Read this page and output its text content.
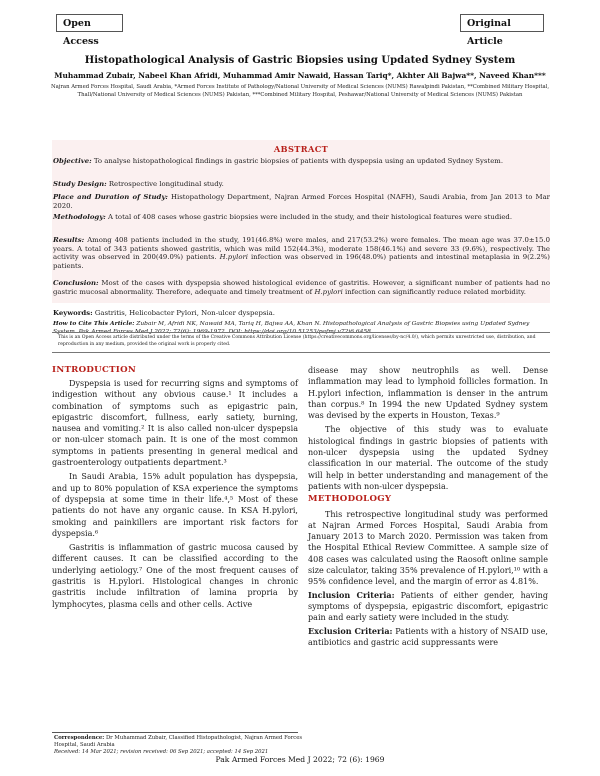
Open Access
Original Article
Histopathological Analysis of Gastric Biopsies using Updated Sydney System
Muhammad Zubair, Nabeel Khan Afridi, Muhammad Amir Nawaid, Hassan Tariq*, Akhter Ali Bajwa**, Naveed Khan***
Najran Armed Forces Hospital, Saudi Arabia, *Armed Forces Institute of Pathology/National University of Medical Sciences (NUMS) Rawalpindi Pakistan, **Combined Military Hospital, Thall/National University of Medical Sciences (NUMS) Pakistan, ***Combined Military Hospital, Peshawar/National University of Medical Sciences (NUMS) Pakistan
ABSTRACT
Objective: To analyse histopathological findings in gastric biopsies of patients with dyspepsia using an updated Sydney System.
Study Design: Retrospective longitudinal study.
Place and Duration of Study: Histopathology Department, Najran Armed Forces Hospital (NAFH), Saudi Arabia, from Jan 2013 to Mar 2020.
Methodology: A total of 408 cases whose gastric biopsies were included in the study, and their histological features were studied.
Results: Among 408 patients included in the study, 191(46.8%) were males, and 217(53.2%) were females. The mean age was 37.0±15.0 years. A total of 343 patients showed gastritis, which was mild 152(44.3%), moderate 158(46.1%) and severe 33 (9.6%), respectively. The activity was observed in 200(49.0%) patients. H.pylori infection was observed in 196(48.0%) patients and intestinal metaplasia in 9(2.2%) patients.
Conclusion: Most of the cases with dyspepsia showed histological evidence of gastritis. However, a significant number of patients had no gastric mucosal abnormality. Therefore, adequate and timely treatment of H.pylori infection can significantly reduce related morbidity.
Keywords: Gastritis, Helicobacter Pylori, Non-ulcer dyspepsia.
How to Cite This Article: Zubair M, Afridi NK, Nawaid MA, Tariq H, Bajwa AA, Khan N. Histopathological Analysis of Gastric Biopsies using Updated Sydney System. Pak Armed Forces Med J 2022; 72(6): 1969-1972. DOI: https://doi.org/10.51253/pafmj.v72i6.6458
This is an Open Access article distributed under the terms of the Creative Commons Attribution License (https://creativecommons.org/licenses/by-nc/4.0/), which permits unrestricted use, distribution, and reproduction in any medium, provided the original work is properly cited.
INTRODUCTION

Dyspepsia is used for recurring signs and symptoms of indigestion without any obvious cause.¹ It includes a combination of symptoms such as epigastric pain, epigastric discomfort, fullness, early satiety, burning, nausea and vomiting.² It is also called non-ulcer dyspepsia or non-ulcer stomach pain. It is one of the most common symptoms in patients presenting in general medical and gastroenterology outpatients department.³

In Saudi Arabia, 15% adult population has dyspepsia, and up to 80% population of KSA experience the symptoms of dyspepsia at some time in their life.⁴,⁵ Most of these patients do not have any organic cause. In KSA H.pylori, smoking and painkillers are important risk factors for dyspepsia.⁶

Gastritis is inflammation of gastric mucosa caused by different causes. It can be classified according to the underlying aetiology.⁷ One of the most frequent causes of gastritis is H.pylori. Histological changes in chronic gastritis include infiltration of lamina propria by lymphocytes, plasma cells and other cells. Active

Correspondence: Dr Muhammad Zubair, Classified Histopathologist, Najran Armed Forces Hospital, Saudi Arabia
Received: 14 Mar 2021; revision received: 06 Sep 2021; accepted: 14 Sep 2021

disease may show neutrophils as well. Dense inflammation may lead to lymphoid follicles formation. In H.pylori infection, inflammation is denser in the antrum than corpus.⁸ In 1994 the new Updated Sydney system was devised by the experts in Houston, Texas.⁹

The objective of this study was to evaluate histological findings in gastric biopsies of patients with non-ulcer dyspepsia using the updated Sydney classification in our material. The outcome of the study will help in better understanding and management of the patients with non-ulcer dyspepsia.

METHODOLOGY

This retrospective longitudinal study was performed at Najran Armed Forces Hospital, Saudi Arabia from January 2013 to March 2020. Permission was taken from the Hospital Ethical Review Committee. A sample size of 408 cases was calculated using the Raosoft online sample size calculator, taking 35% prevalence of H.pylori,¹⁰ with a 95% confidence level, and the margin of error as 4.81%.

Inclusion Criteria: Patients of either gender, having symptoms of dyspepsia, epigastric discomfort, epigastric pain and early satiety were included in the study.
Exclusion Criteria: Patients with a history of NSAID use, antibiotics and gastric acid suppressants were
Pak Armed Forces Med J 2022; 72 (6): 1969
